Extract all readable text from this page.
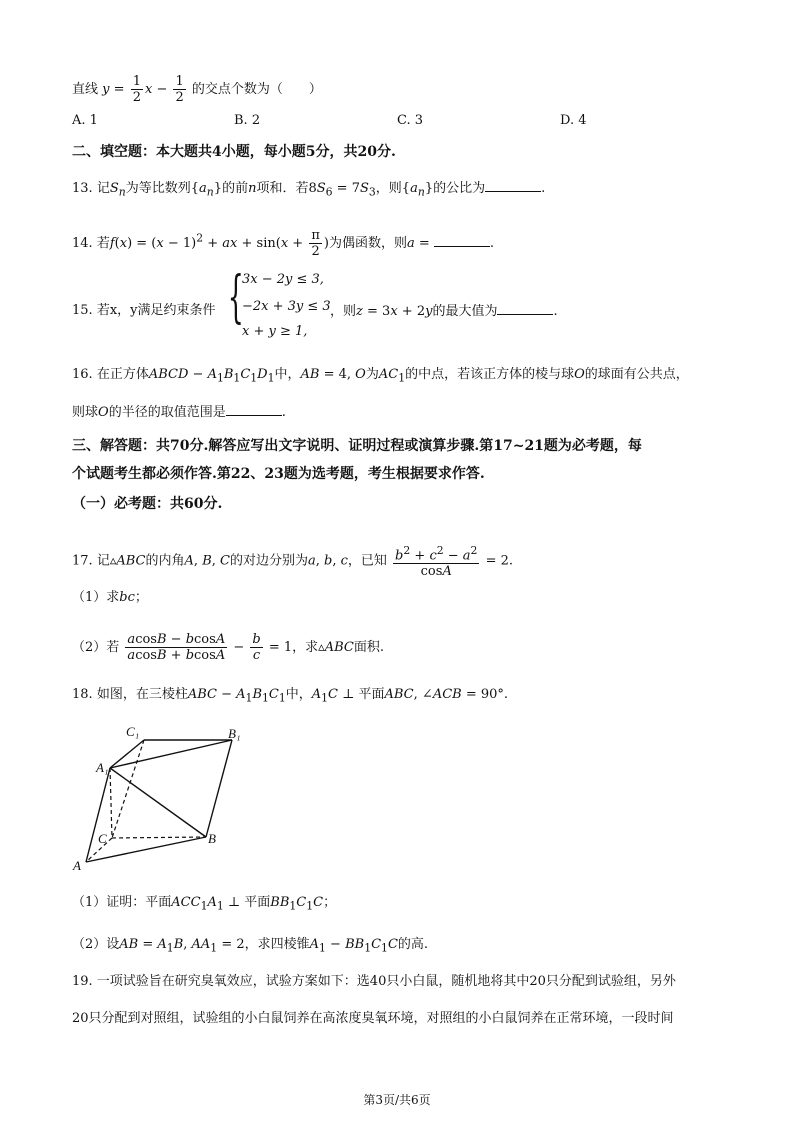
直线 $y = \frac{1}{2}$ $x - \frac{1}{2}$ 的交点个数为（　　）
A. 1	B. 2	C. 3	D. 4
二、填空题：本大题共4小题，每小题5分，共20分.
13. 记$S_n$为等比数列$\{a_n\}$的前n项和．若$8S_6 = 7S_3$，则$\{a_n\}$的公比为	.
14. 若$f(x) = (x - 1)^2$ + ax + $\sin(x + \frac{\pi}{2}$ )为偶函数，则a =	.
15. 若x，y满足约束条件 {
3x − 2y ≤ 3,
−2x + 3y ≤ 3
x + y ≥ 1,
，则z = 3x + 2y的最大值为	.
16. 在正方体ABCD − $A_1B_1C_1D_1$中，AB = 4, O为$AC_1$的中点，若该正方体的棱与球O的球面有公共点，
则球O的半径的取值范围是	.
三、解答题：共70分.解答应写出文字说明、证明过程或演算步骤.第17~21题为必考题，每
个试题考生都必须作答.第22、23题为选考题，考生根据要求作答.
（一）必考题：共60分.
17. 记▵ABC的内角A, B, C的对边分别为a, b, c，已知 $\frac{b^2 + c^2 - a^2}{\cos A} = 2$.
（1）求bc；
（2）若 $\frac{acosB - bcosA}{acosB + bcosA} - \frac{b}{c} = 1$，求▵ABC面积.
18. 如图，在三棱柱ABC − $A_1B_1C_1$中，$A_1C$ ⊥ 平面ABC, ∠ACB = 90°.
C₁	B₁
A₁
C	B
A
（1）证明：平面$ACC_1A_1$ ⊥ 平面$BB_1C_1C$；
（2）设AB = $A_1B$, $AA_1 = 2$，求四棱锥$A_1 - BB_1C_1C$的高.
19. 一项试验旨在研究臭氧效应，试验方案如下：选40只小白鼠，随机地将其中20只分配到试验组，另外
20只分配到对照组，试验组的小白鼠饲养在高浓度臭氧环境，对照组的小白鼠饲养在正常环境，一段时间
第3页/共6页
